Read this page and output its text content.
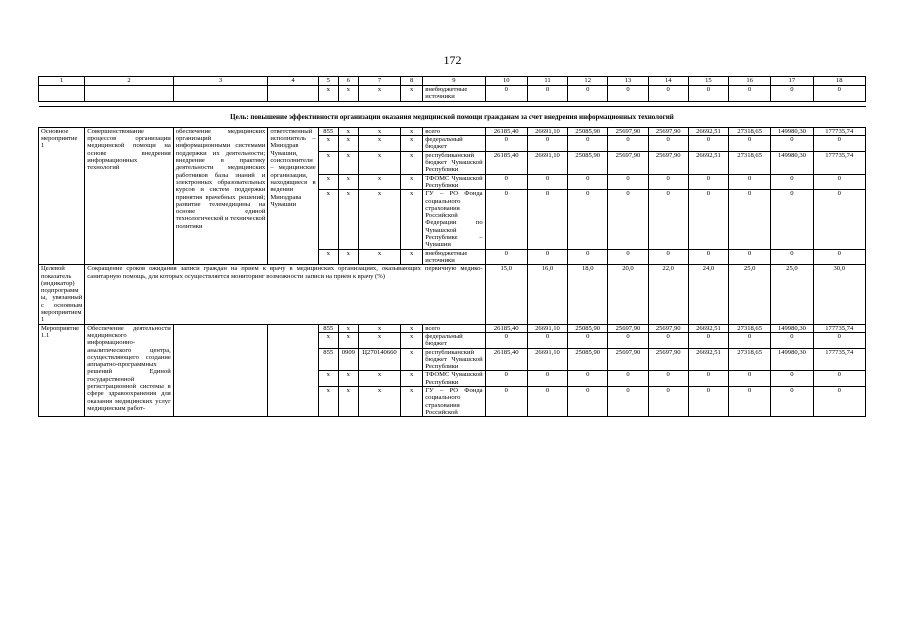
172
1	2	3	4	5	6	7	8	9	10	11	12	13	14	15	16	17	18
				x	x	x	x	внебюджетные источники	0	0	0	0	0	0	0	0	0

Цель: повышение эффективности организации оказания медицинской помощи гражданам за счет внедрения информационных технологий																	
Основное мероприятие 1	Совершенствование процессов организации медицинской помощи на основе внедрения информационных технологий	обеспечение медицинских организаций информационными системами поддержки их деятельности; внедрение в практику деятельности медицинских работников базы знаний и электронных образовательных курсов и систем поддержки принятия врачебных решений; развитие телемедицины на основе единой технологической и технической политики	ответственный исполнитель – Минздрав Чувашии, соисполнители – медицинские организации, находящиеся в ведении Минздрава Чувашии	855	x	x	x	всего	26185,40	26691,10	25085,90	25697,90	25697,90	26692,51	27318,65	149980,30	177735,74
				x	x	x	x	федеральный бюджет	0	0	0	0	0	0	0	0	0
				x	x	x	x	республиканский бюджет Чувашской Республики	26185,40	26691,10	25085,90	25697,90	25697,90	26692,51	27318,65	149980,30	177735,74
				x	x	x	x	ТФОМС Чувашской Республики	0	0	0	0	0	0	0	0	0
				x	x	x	x	ГУ – РО Фонда социального страхования Российской Федерации по Чувашской Республике – Чувашии	0	0	0	0	0	0	0	0	0
				x	x	x	x	внебюджетные источники	0	0	0	0	0	0	0	0	0
Целевой показатель (индикатор) подпрограммы, увязанный с основным мероприятием 1	Сокращение сроков ожидания записи граждан на прием к врачу в медицинских организациях, оказывающих первичную медико-санитарную помощь, для которых осуществляется мониторинг возможности записи на прием к врачу (%)								15,0	16,0	18,0	20,0	22,0	24,0	25,0	25,0	30,0
Мероприятие 1.1	Обеспечение деятельности медицинского информационно-аналитического центра, осуществляющего создание аппаратно-программных решений Единой государственной регистрационной системы в сфере здравоохранения для оказания медицинских услуг медицинским работ-			855	x	x	x	всего	26185,40	26691,10	25085,90	25697,90	25697,90	26692,51	27318,65	149980,30	177735,74
				x	x	x	x	федеральный бюджет	0	0	0	0	0	0	0	0	0
				855	0909	Ц270140660	x	республиканский бюджет Чувашской Республики	26185,40	26691,10	25085,90	25697,90	25697,90	26692,51	27318,65	149980,30	177735,74
				x	x	x	x	ТФОМС Чувашской Республики	0	0	0	0	0	0	0	0	0
				x	x	x	x	ГУ – РО Фонда социального страхования Российской	0	0	0	0	0	0	0	0	0
